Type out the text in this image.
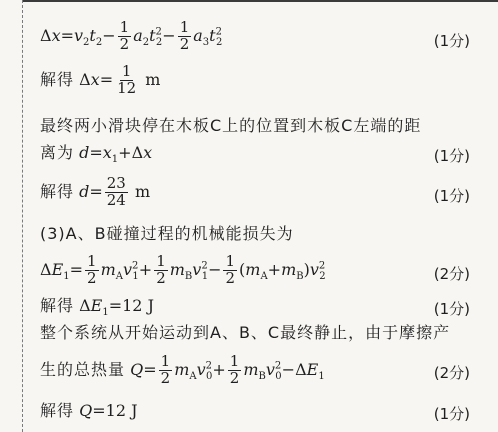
$\Delta x=v_2t_2- \frac{1}{2} a_2t^2_2- \frac{1}{2} a_3t^2_2$	(1分)
解得 $\Delta x= \frac{1}{12}$ m
最终两小滑块停在木板C上的位置到木板C左端的距
离为 $d=x_1+\Delta x$	(1分)
解得 $d= \frac{23}{24}$ m	(1分)
(3)A、B碰撞过程的机械能损失为
$\Delta E_1= \frac{1}{2} m_Av^2_1+ \frac{1}{2} m_Bv^2_1- \frac{1}{2} (m_A+m_B)v^2_2$	(2分)
解得 $\Delta E_1=12$ J	(1分)
整个系统从开始运动到A、B、C最终静止，由于摩擦产
生的总热量 $Q= \frac{1}{2} m_Av^2_0+ \frac{1}{2} m_Bv^2_0-\Delta E_1$	(2分)
解得 Q=12 J	(1分)
